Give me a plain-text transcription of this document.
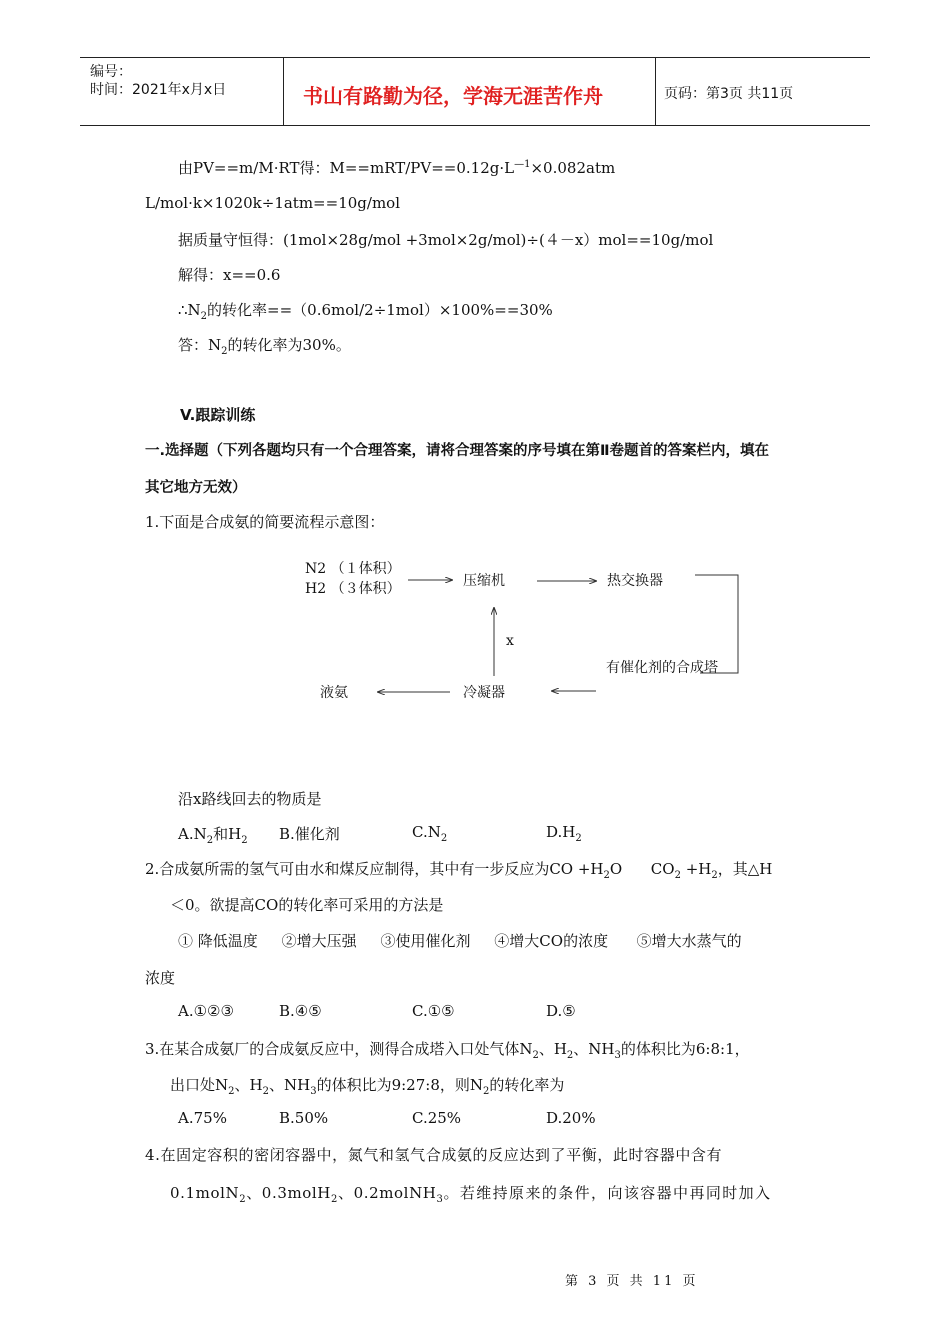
编号：
时间：2021年x月x日	书山有路勤为径，学海无涯苦作舟	页码：第3页 共11页
由PV==m/M·RT得：$M==mRT/PV==0.12g\cdot L^{—1}\times 0.082atm$
L/mol·k×1020k÷1atm==10g/mol
据质量守恒得：(1mol×28g/mol +3mol×2g/mol)÷(４－x）mol==10g/mol
解得：x==0.6
$\therefore N_2$的转化率==（0.6mol/2÷1mol）×100%==30%
答：$N_2$的转化率为30%。
V.跟踪训练
一.选择题（下列各题均只有一个合理答案，请将合理答案的序号填在第Ⅱ卷题首的答案栏内，填在
其它地方无效）
1.下面是合成氨的简要流程示意图：
N2 （１体积）
H2 （３体积）	压缩机	热交换器
x
有催化剂的合成塔
液氨	冷凝器
沿x路线回去的物质是
$A.N_2$和$H_2$ B.催化剂	$C.N_2$	$D.H_2$
2.合成氨所需的氢气可由水和煤反应制得，其中有一步反应为CO $+H_2O$      $CO_2 +H_2$，其△H
＜0。欲提高CO的转化率可采用的方法是
① 降低温度     ②增大压强     ③使用催化剂     ④增大CO的浓度      ⑤增大水蒸气的
浓度
A.①②③	B.④⑤	C.①⑤	D.⑤
3.在某合成氨厂的合成氨反应中，测得合成塔入口处气体$N_2$、$H_2$、$NH_3$的体积比为6:8:1，
出口处$N_2$、$H_2$、$NH_3$的体积比为9:27:8，则$N_2$的转化率为
A.75%	B.50%	C.25%	D.20%
4.在固定容积的密闭容器中，氮气和氢气合成氨的反应达到了平衡，此时容器中含有
0.1molN$_2$、0.3molH$_2$、0.2molNH$_3$。若维持原来的条件，向该容器中再同时加入
第 3 页 共 11 页
